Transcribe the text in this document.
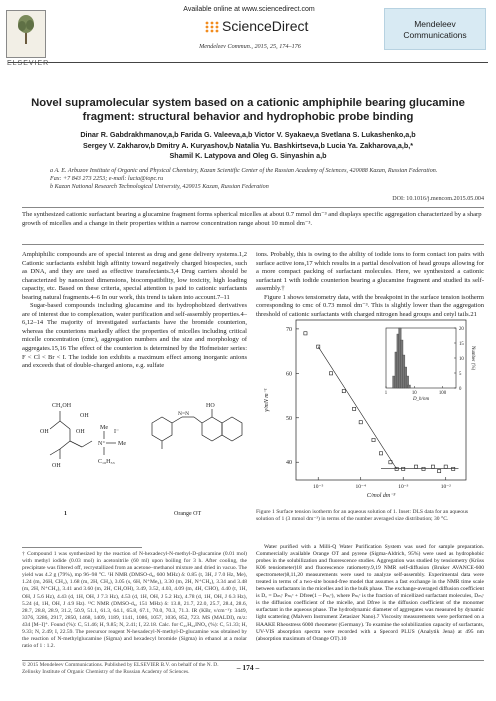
ELSEVIER
Available online at www.sciencedirect.com
ScienceDirect
Mendeleev Commun., 2015, 25, 174–176
Mendeleev
Communications
Novel supramolecular system based on a cationic amphiphile bearing glucamine fragment: structural behavior and hydrophobic probe binding
Dinar R. Gabdrakhmanov,a,b Farida G. Valeeva,a,b Victor V. Syakaev,a Svetlana S. Lukashenko,a,b
Sergey V. Zakharov,b Dmitry A. Kuryashov,b Natalia Yu. Bashkirtseva,b Lucia Ya. Zakharova,a,b,*
Shamil K. Latypova and Oleg G. Sinyashin a,b
a A. E. Arbuzov Institute of Organic and Physical Chemistry, Kazan Scientific Center of the Russian Academy of Sciences, 420088 Kazan, Russian Federation. Fax: +7 843 273 2253; e-mail: lucia@iopc.ru
b Kazan National Research Technological University, 420015 Kazan, Russian Federation
DOI: 10.1016/j.mencom.2015.05.004
The synthesized cationic surfactant bearing a glucamine fragment forms spherical micelles at about 0.7 mmol dm⁻³ and displays specific aggregation characterized by a sharp growth of micelles and a change in their properties within a narrow concentration range about 10 mmol dm⁻³.

Amphiphilic compounds are of special interest as drug and gene delivery systems.1,2 Cationic surfactants exhibit high affinity toward negatively charged biospecies, such as DNA, and they are used as effective transfectants.3,4 Drug carriers should be characterized by nanosized dimensions, biocompatibility, low toxicity, high loading capacity, etc. Based on these criteria, special attention is paid to cationic surfactants bearing natural fragments.4–6 In our work, this trend is taken into account.7–11

Sugar-based compounds including glucamine and its hydrophobized derivatives are of interest due to complexation, water purification and self-assembly properties.4–6,12–14 The majority of investigated surfactants have the bromide counterion, whereas the counterions markedly affect the properties of micelles including critical micelle concentration (cmc), aggregation numbers and the size and morphology of aggregates.15,16 The effect of the counterion is determined by the Hofmeister series: F < Cl < Br < I. The iodide ion exhibits a maximum effect among inorganic anions and exceeds that of double-charged anions, e.g. sulfate

CH₂OH
OH
OH	OH
OH
N⁺
Me
Me
I⁻
C₁₆H₃₃
1
N=N
HO
Orange OT
† Compound 1 was synthesized by the reaction of N-hexadecyl-N-methyl-D-glucamine (0.01 mol) with methyl iodide (0.03 mol) in acetonitrile (60 ml) upon boiling for 3 h. After cooling, the precipitate was filtered off, recrystallized from an acetone–methanol mixture and dried in vacuo. The yield was 4.2 g (79%), mp 96–98 °C. ¹H NMR (DMSO-d₆, 600 MHz) δ: 0.85 (t, 3H, J 7.0 Hz, Me), 1.24 (m, 26H, CH₂), 1.68 (m, 2H, CH₂), 3.05 (s, 6H, N⁺Me₂), 3.30 (m, 2H, N⁺CH₂), 3.34 and 3.48 (m, 2H, N⁺CH₂), 3.41 and 3.60 (m, 2H, CH₂OH), 3.49, 3.52, 4.03, 4.09 (m, 4H, CHO), 4.40 (t, 1H, OH, J 5.6 Hz), 4.43 (d, 1H, OH, J 7.3 Hz), 4.53 (d, 1H, OH, J 5.2 Hz), 4.78 (d, 1H, OH, J 6.3 Hz), 5.24 (d, 1H, OH, J 4.9 Hz). ¹³C NMR (DMSO-d₆, 151 MHz) δ: 13.8, 21.7, 22.0, 25.7, 28.4, 28.6, 28.7, 28.8, 28.9, 31.2, 50.9, 51.1, 61.3, 64.1, 65.8, 67.1, 70.0, 70.3, 71.3. IR (KBr, ν/cm⁻¹): 3449, 3376, 3286, 2917, 2850, 1468, 1409, 1189, 1141, 1086, 1057, 1036, 852, 723. MS (MALDI), m/z: 434 [M–I]⁺. Found (%): C, 51.46; H, 9.85; N, 2.41; I, 22.18. Calc. for C₂₅H₅₄INO₅ (%): C, 51.33; H, 9.33; N, 2.49; I, 22.59. The precursor reagent N-hexadecyl-N-methyl-D-glucamine was obtained by the reaction of N-methylglucamine (Sigma) and hexadecyl bromide (Sigma) in ethanol at a molar ratio of 1 : 1.2.

ions. Probably, this is owing to the ability of iodide ions to form contact ion pairs with surface active ions,17 which results in a partial desolvation of head groups allowing for a more compact packing of surfactant molecules. Here, we synthesized a cationic surfactant 1 with iodide counterion bearing a glucamine fragment and studied its self-assembly.†

Figure 1 shows tensiometry data, with the breakpoint in the surface tension isotherm corresponding to cmc of 0.73 mmol dm⁻³. This is slightly lower than the aggregation threshold of cationic surfactants with charged nitrogen head groups and cetyl tails.21

70
60
50
40
10⁻⁵	10⁻⁴	10⁻³	10⁻²
γ/mN m⁻¹
C/mol dm⁻³
20
15
10
5
0
1	10	100
Number (%)
D_h/nm
Figure 1 Surface tension isotherm for an aqueous solution of 1. Inset: DLS data for an aqueous solution of 1 (3 mmol dm⁻³) in terms of the number averaged size distribution; 30 °C.

Water purified with a Milli-Q Water Purification System was used for sample preparation. Commercially available Orange OT and pyrene (Sigma-Aldrich, 95%) were used as hydrophobic probes in the solubilization and fluorescence studies. Aggregation was studied by tensiometry (Krüss K06 tensiometer)18 and fluorescence ratiometry.9,19 NMR self-diffusion (Bruker AVANCE-600 spectrometer)8,11,20 measurements were used to analyze self-assembly. Experimental data were treated in terms of a two-site bound-free model that assumes a fast exchange in the NMR time scale between surfactants in the micelles and in the bulk phase. The exchange-averaged diffusion coefficient is Dₒ = Dₘᵢᶜ Pₘᵢᶜ + Dfree(1 – Pₘᵢᶜ), where Pₘᵢᶜ is the fraction of micellized surfactant molecules, Dₘᵢᶜ is the diffusion coefficient of the micelle, and Dfree is the diffusion coefficient of the monomer surfactant in the aqueous phase. The hydrodynamic diameter of aggregates was measured by dynamic light scattering (Malvern Instrument Zetasizer Nano).7 Viscosity measurements were performed on a HAAKE Rheostress 6000 rheometer (Germany). To examine the solubilization capacity of surfactants, UV-VIS absorption spectra were recorded with a Specord PLUS (Analytik Jena) at 495 nm (absorption maximum of Orange OT).10

© 2015 Mendeleev Communications. Published by ELSEVIER B.V. on behalf of the N. D. Zelinsky Institute of Organic Chemistry of the Russian Academy of Sciences.	– 174 –
